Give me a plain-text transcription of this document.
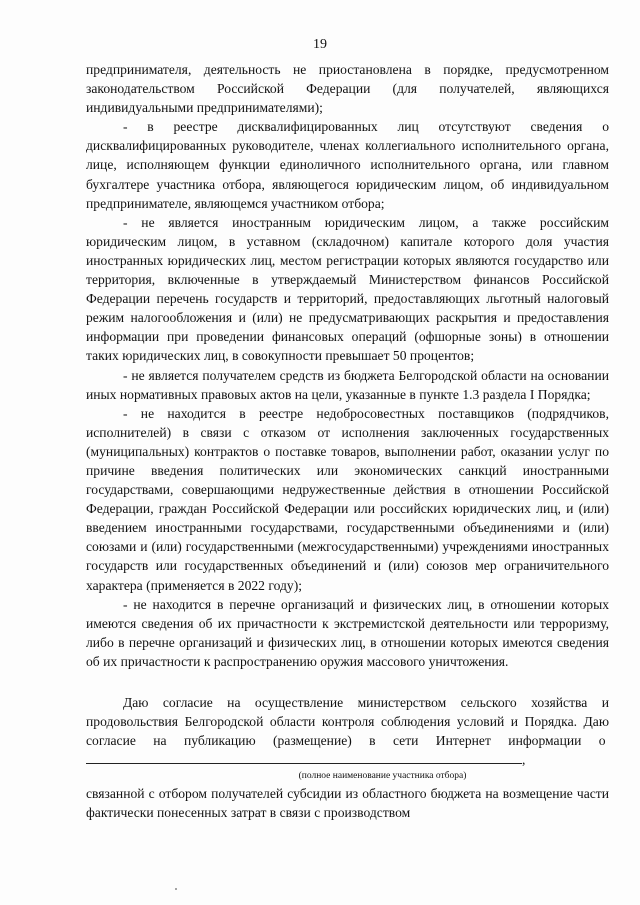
19

предпринимателя, деятельность не приостановлена в порядке, предусмотренном законодательством Российской Федерации (для получателей, являющихся индивидуальными предпринимателями);

- в реестре дисквалифицированных лиц отсутствуют сведения о дисквалифицированных руководителе, членах коллегиального исполнительного органа, лице, исполняющем функции единоличного исполнительного органа, или главном бухгалтере участника отбора, являющегося юридическим лицом, об индивидуальном предпринимателе, являющемся участником отбора;

- не является иностранным юридическим лицом, а также российским юридическим лицом, в уставном (складочном) капитале которого доля участия иностранных юридических лиц, местом регистрации которых являются государство или территория, включенные в утверждаемый Министерством финансов Российской Федерации перечень государств и территорий, предоставляющих льготный налоговый режим налогообложения и (или) не предусматривающих раскрытия и предоставления информации при проведении финансовых операций (офшорные зоны) в отношении таких юридических лиц, в совокупности превышает 50 процентов;

- не является получателем средств из бюджета Белгородской области на основании иных нормативных правовых актов на цели, указанные в пункте 1.3 раздела I Порядка;

- не находится в реестре недобросовестных поставщиков (подрядчиков, исполнителей) в связи с отказом от исполнения заключенных государственных (муниципальных) контрактов о поставке товаров, выполнении работ, оказании услуг по причине введения политических или экономических санкций иностранными государствами, совершающими недружественные действия в отношении Российской Федерации, граждан Российской Федерации или российских юридических лиц, и (или) введением иностранными государствами, государственными объединениями и (или) союзами и (или) государственными (межгосударственными) учреждениями иностранных государств или государственных объединений и (или) союзов мер ограничительного характера (применяется в 2022 году);

- не находится в перечне организаций и физических лиц, в отношении которых имеются сведения об их причастности к экстремистской деятельности или терроризму, либо в перечне организаций и физических лиц, в отношении которых имеются сведения об их причастности к распространению оружия массового уничтожения.

Даю согласие на осуществление министерством сельского хозяйства и продовольствия Белгородской области контроля соблюдения условий и Порядка. Даю согласие на публикацию (размещение) в сети Интернет информации о ,

(полное наименование участника отбора)

связанной с отбором получателей субсидии из областного бюджета на возмещение части фактически понесенных затрат в связи с производством
